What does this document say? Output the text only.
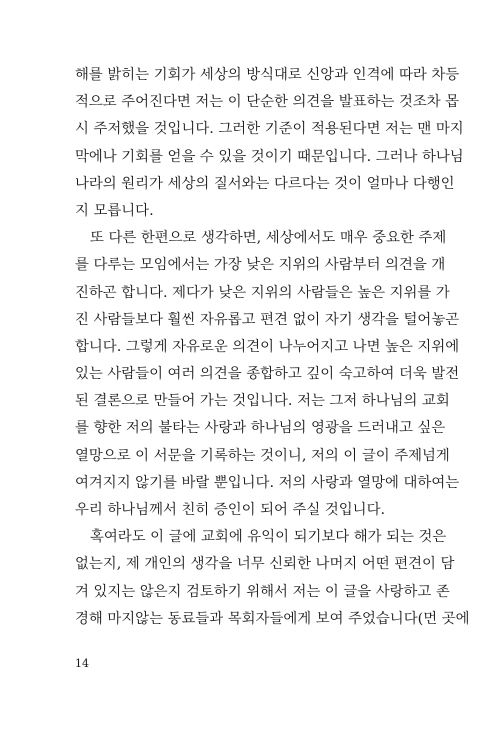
해를 밝히는 기회가 세상의 방식대로 신앙과 인격에 따라 차등
적으로 주어진다면 저는 이 단순한 의견을 발표하는 것조차 몹
시 주저했을 것입니다. 그러한 기준이 적용된다면 저는 맨 마지
막에나 기회를 얻을 수 있을 것이기 때문입니다. 그러나 하나님
나라의 원리가 세상의 질서와는 다르다는 것이 얼마나 다행인
지 모릅니다.
또 다른 한편으로 생각하면, 세상에서도 매우 중요한 주제
를 다루는 모임에서는 가장 낮은 지위의 사람부터 의견을 개
진하곤 합니다. 제다가 낮은 지위의 사람들은 높은 지위를 가
진 사람들보다 훨씬 자유롭고 편견 없이 자기 생각을 털어놓곤
합니다. 그렇게 자유로운 의견이 나누어지고 나면 높은 지위에
있는 사람들이 여러 의견을 종합하고 깊이 숙고하여 더욱 발전
된 결론으로 만들어 가는 것입니다. 저는 그저 하나님의 교회
를 향한 저의 불타는 사랑과 하나님의 영광을 드러내고 싶은
열망으로 이 서문을 기록하는 것이니, 저의 이 글이 주제넘게
여겨지지 않기를 바랄 뿐입니다. 저의 사랑과 열망에 대하여는
우리 하나님께서 친히 증인이 되어 주실 것입니다.
혹여라도 이 글에 교회에 유익이 되기보다 해가 되는 것은
없는지, 제 개인의 생각을 너무 신뢰한 나머지 어떤 편견이 담
겨 있지는 않은지 검토하기 위해서 저는 이 글을 사랑하고 존
경해 마지않는 동료들과 목회자들에게 보여 주었습니다(먼 곳에
14
